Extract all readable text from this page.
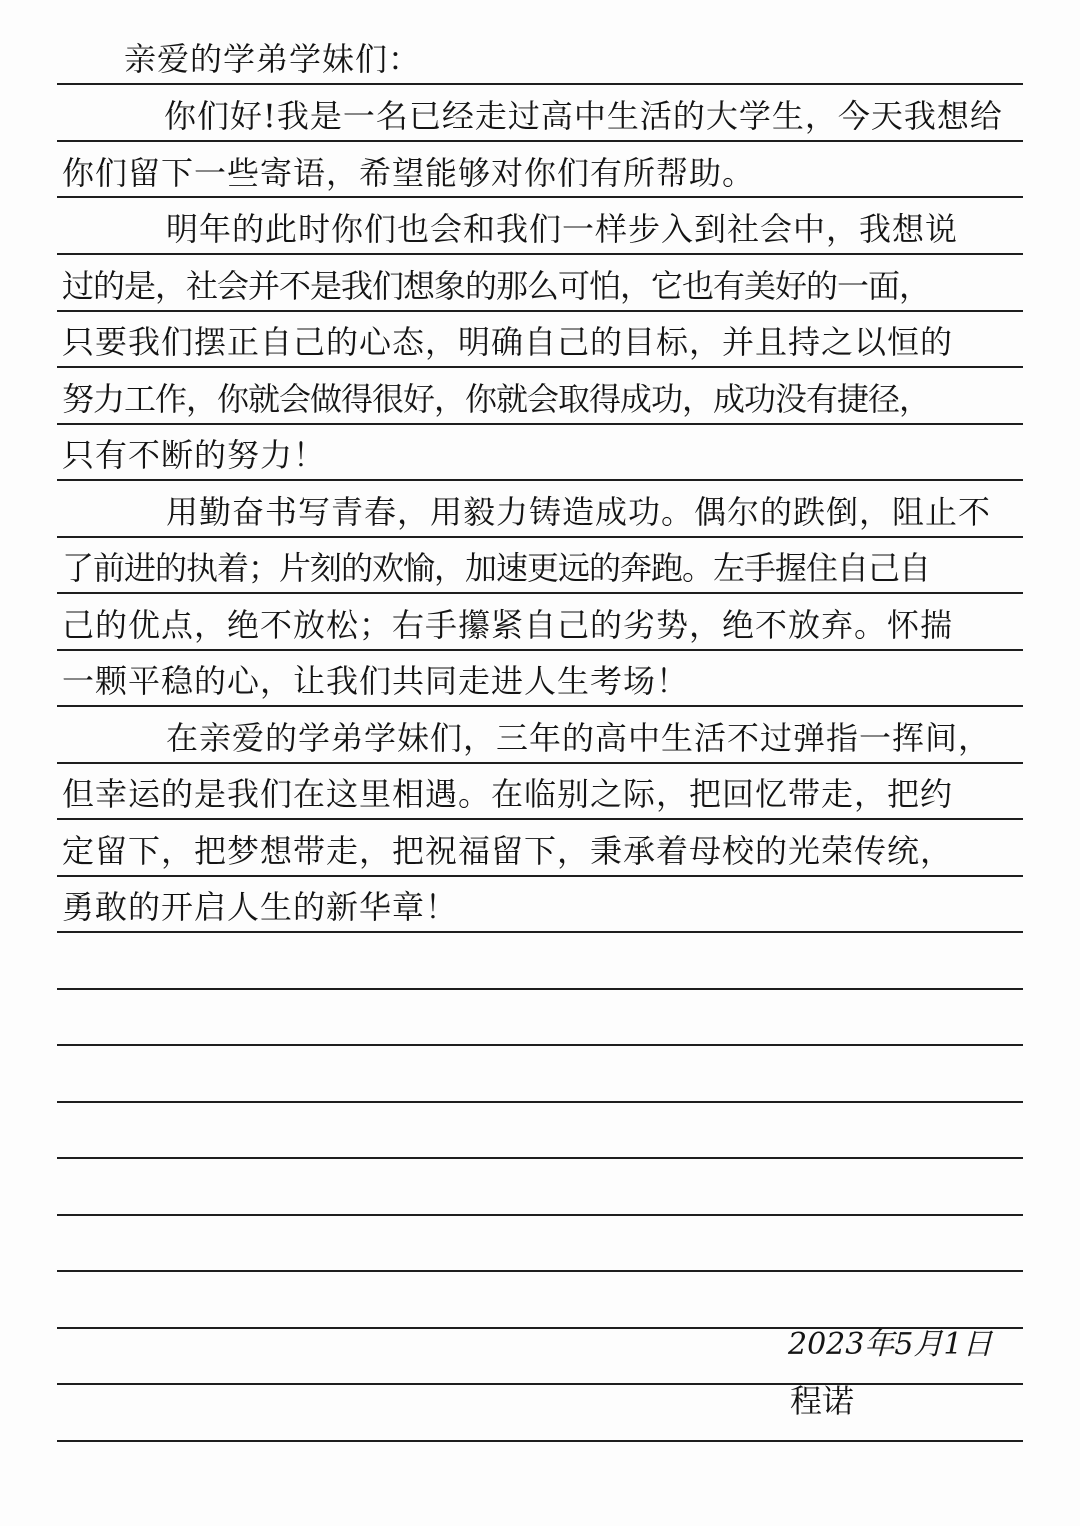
亲爱的学弟学妹们：
你们好!我是一名已经走过高中生活的大学生，今天我想给
你们留下一些寄语，希望能够对你们有所帮助。
明年的此时你们也会和我们一样步入到社会中，我想说
过的是，社会并不是我们想象的那么可怕，它也有美好的一面，
只要我们摆正自己的心态，明确自己的目标，并且持之以恒的
努力工作，你就会做得很好，你就会取得成功，成功没有捷径，
只有不断的努力！
用勤奋书写青春，用毅力铸造成功。偶尔的跌倒，阻止不
了前进的执着；片刻的欢愉，加速更远的奔跑。左手握住自己自
己的优点，绝不放松；右手攥紧自己的劣势，绝不放弃。怀揣
一颗平稳的心，让我们共同走进人生考场！
在亲爱的学弟学妹们，三年的高中生活不过弹指一挥间，
但幸运的是我们在这里相遇。在临别之际，把回忆带走，把约
定留下，把梦想带走，把祝福留下，秉承着母校的光荣传统，
勇敢的开启人生的新华章！
2023年5月1日
程诺
